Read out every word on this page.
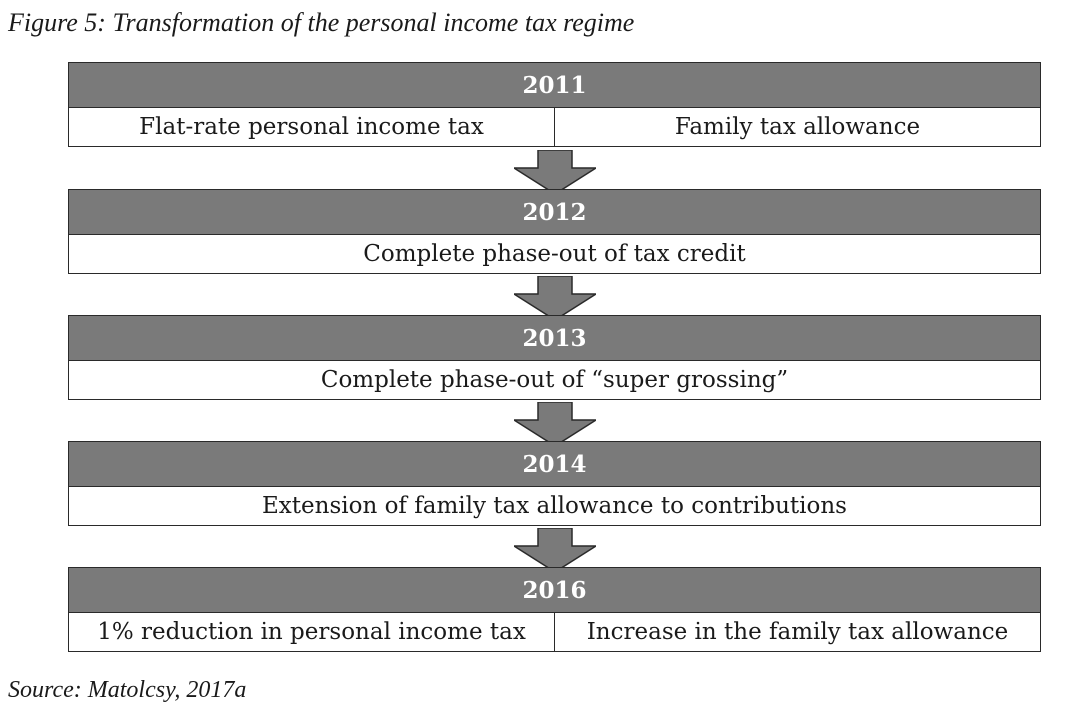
Figure 5: Transformation of the personal income tax regime
2011
Flat-rate personal income tax	Family tax allowance
2012
Complete phase-out of tax credit
2013
Complete phase-out of “super grossing”
2014
Extension of family tax allowance to contributions
2016
1% reduction in personal income tax	Increase in the family tax allowance
Source: Matolcsy, 2017a
